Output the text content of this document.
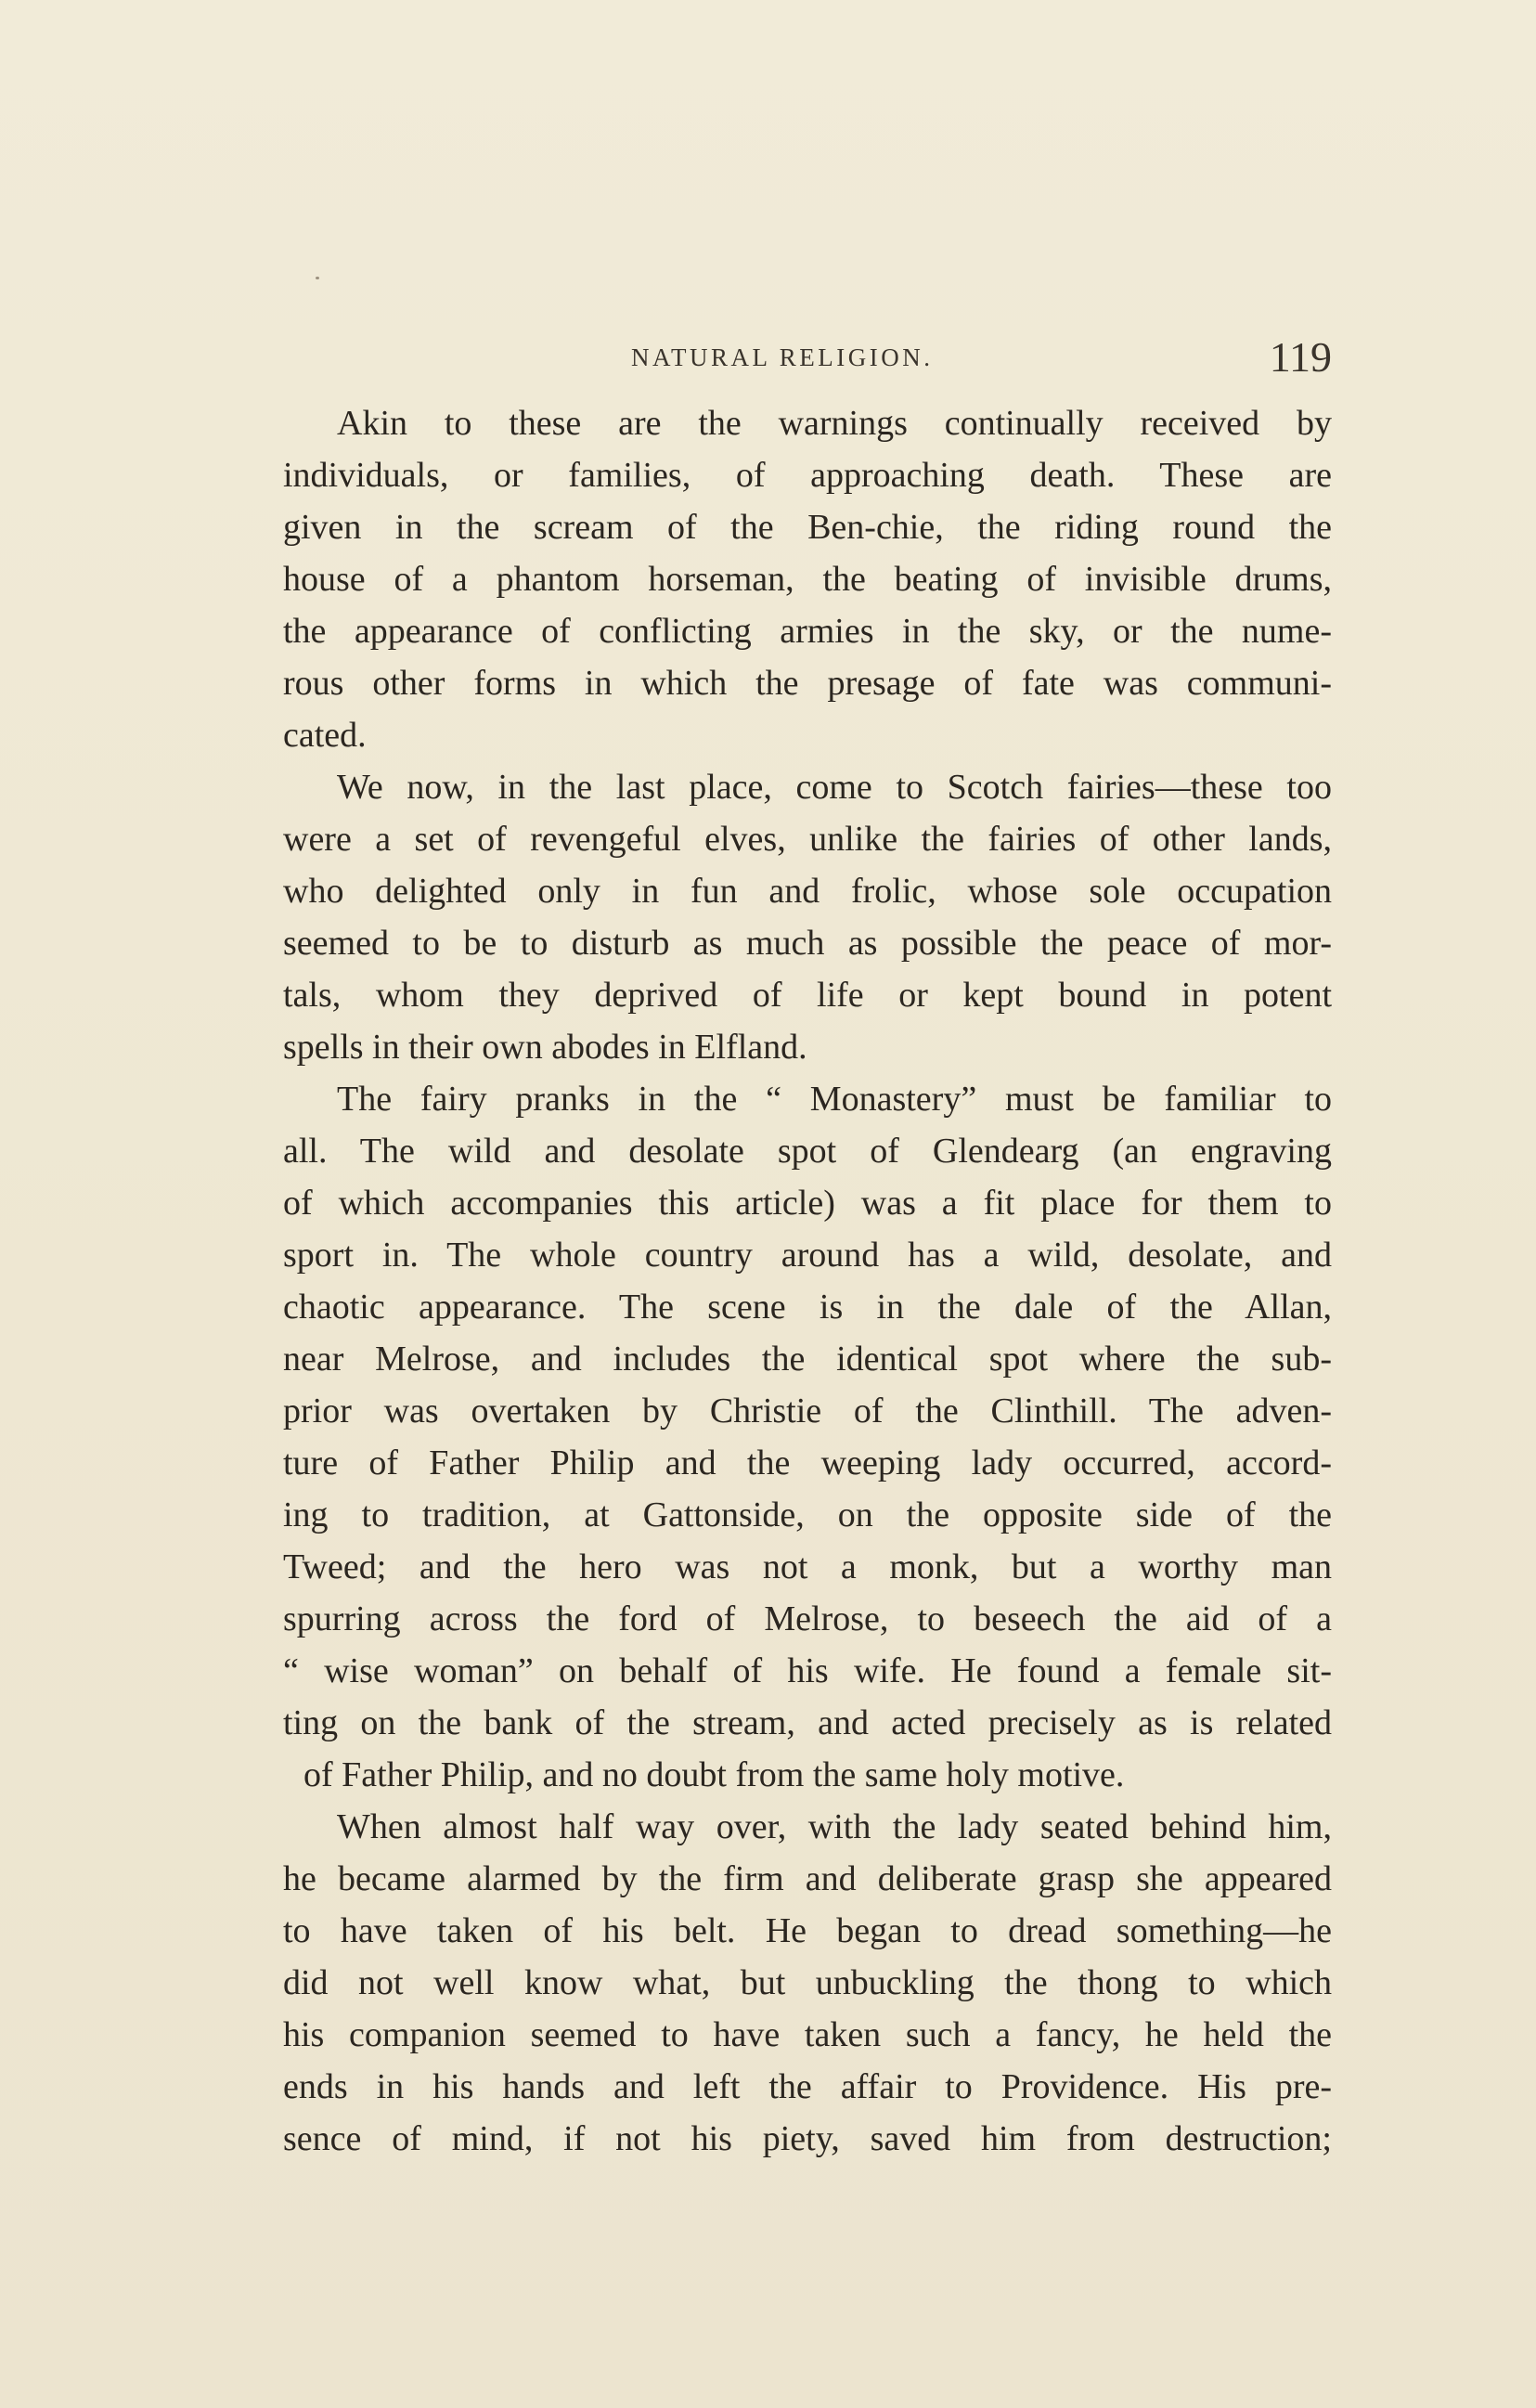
NATURAL RELIGION.	119
Akin to these are the warnings continually received by
individuals, or families, of approaching death. These are
given in the scream of the Ben-chie, the riding round the
house of a phantom horseman, the beating of invisible drums,
the appearance of conflicting armies in the sky, or the nume-
rous other forms in which the presage of fate was communi-
cated.
We now, in the last place, come to Scotch fairies—these too
were a set of revengeful elves, unlike the fairies of other lands,
who delighted only in fun and frolic, whose sole occupation
seemed to be to disturb as much as possible the peace of mor-
tals, whom they deprived of life or kept bound in potent
spells in their own abodes in Elfland.
The fairy pranks in the “ Monastery” must be familiar to
all. The wild and desolate spot of Glendearg (an engraving
of which accompanies this article) was a fit place for them to
sport in. The whole country around has a wild, desolate, and
chaotic appearance. The scene is in the dale of the Allan,
near Melrose, and includes the identical spot where the sub-
prior was overtaken by Christie of the Clinthill. The adven-
ture of Father Philip and the weeping lady occurred, accord-
ing to tradition, at Gattonside, on the opposite side of the
Tweed; and the hero was not a monk, but a worthy man
spurring across the ford of Melrose, to beseech the aid of a
“ wise woman” on behalf of his wife. He found a female sit-
ting on the bank of the stream, and acted precisely as is related
of Father Philip, and no doubt from the same holy motive.
When almost half way over, with the lady seated behind him,
he became alarmed by the firm and deliberate grasp she appeared
to have taken of his belt. He began to dread something—he
did not well know what, but unbuckling the thong to which
his companion seemed to have taken such a fancy, he held the
ends in his hands and left the affair to Providence. His pre-
sence of mind, if not his piety, saved him from destruction;
